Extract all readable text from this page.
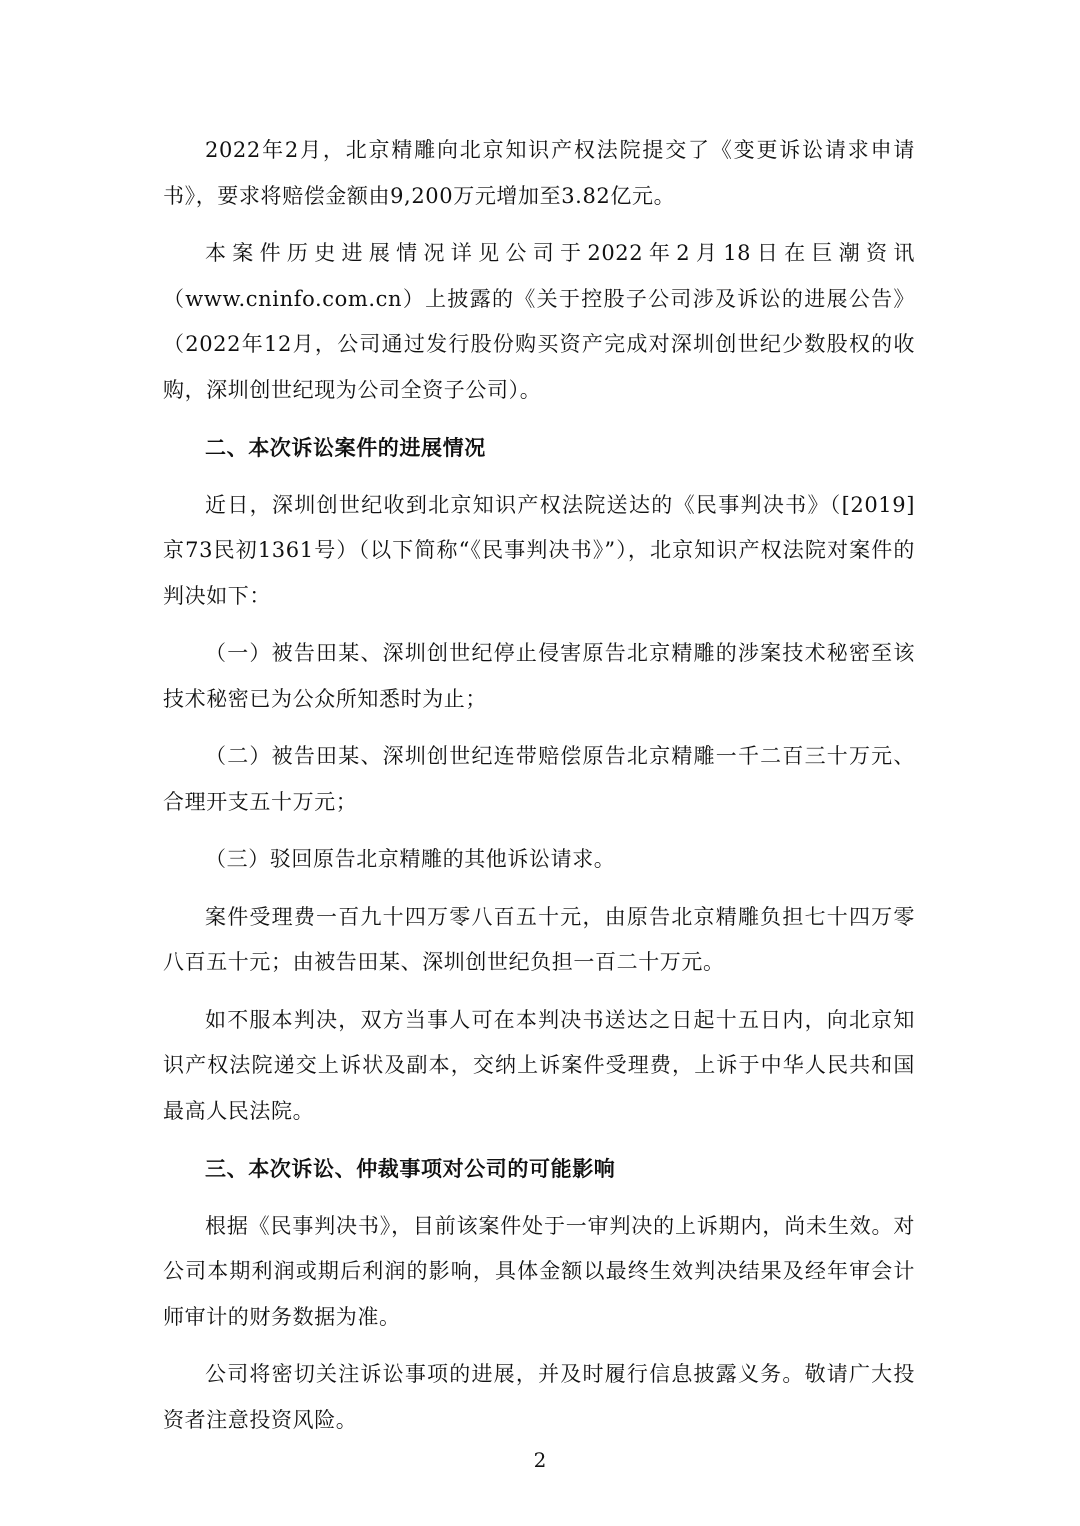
2022年2月，北京精雕向北京知识产权法院提交了《变更诉讼请求申请书》，要求将赔偿金额由9,200万元增加至3.82亿元。

本案件历史进展情况详见公司于2022年2月18日在巨潮资讯（www.cninfo.com.cn）上披露的《关于控股子公司涉及诉讼的进展公告》（2022年12月，公司通过发行股份购买资产完成对深圳创世纪少数股权的收购，深圳创世纪现为公司全资子公司）。

二、本次诉讼案件的进展情况

近日，深圳创世纪收到北京知识产权法院送达的《民事判决书》（[2019]京73民初1361号）（以下简称“《民事判决书》”），北京知识产权法院对案件的判决如下：

（一）被告田某、深圳创世纪停止侵害原告北京精雕的涉案技术秘密至该技术秘密已为公众所知悉时为止；

（二）被告田某、深圳创世纪连带赔偿原告北京精雕一千二百三十万元、合理开支五十万元；

（三）驳回原告北京精雕的其他诉讼请求。

案件受理费一百九十四万零八百五十元，由原告北京精雕负担七十四万零八百五十元；由被告田某、深圳创世纪负担一百二十万元。

如不服本判决，双方当事人可在本判决书送达之日起十五日内，向北京知识产权法院递交上诉状及副本，交纳上诉案件受理费，上诉于中华人民共和国最高人民法院。

三、本次诉讼、仲裁事项对公司的可能影响

根据《民事判决书》，目前该案件处于一审判决的上诉期内，尚未生效。对公司本期利润或期后利润的影响，具体金额以最终生效判决结果及经年审会计师审计的财务数据为准。

公司将密切关注诉讼事项的进展，并及时履行信息披露义务。敬请广大投资者注意投资风险。

2
